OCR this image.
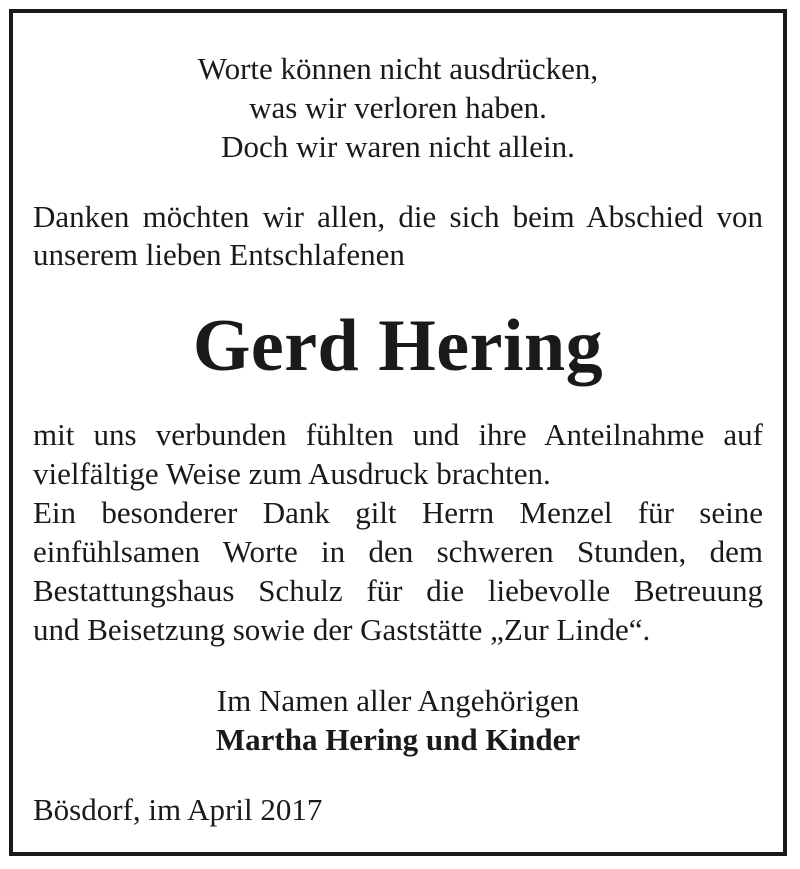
Worte können nicht ausdrücken,
was wir verloren haben.
Doch wir waren nicht allein.
Danken möchten wir allen, die sich beim Abschied von
unserem lieben Entschlafenen
Gerd Hering
mit uns verbunden fühlten und ihre Anteilnahme auf
vielfältige Weise zum Ausdruck brachten.
Ein besonderer Dank gilt Herrn Menzel für seine
einfühlsamen Worte in den schweren Stunden, dem
Bestattungshaus Schulz für die liebevolle Betreuung
und Beisetzung sowie der Gaststätte „Zur Linde“.
Im Namen aller Angehörigen
Martha Hering und Kinder
Bösdorf, im April 2017
